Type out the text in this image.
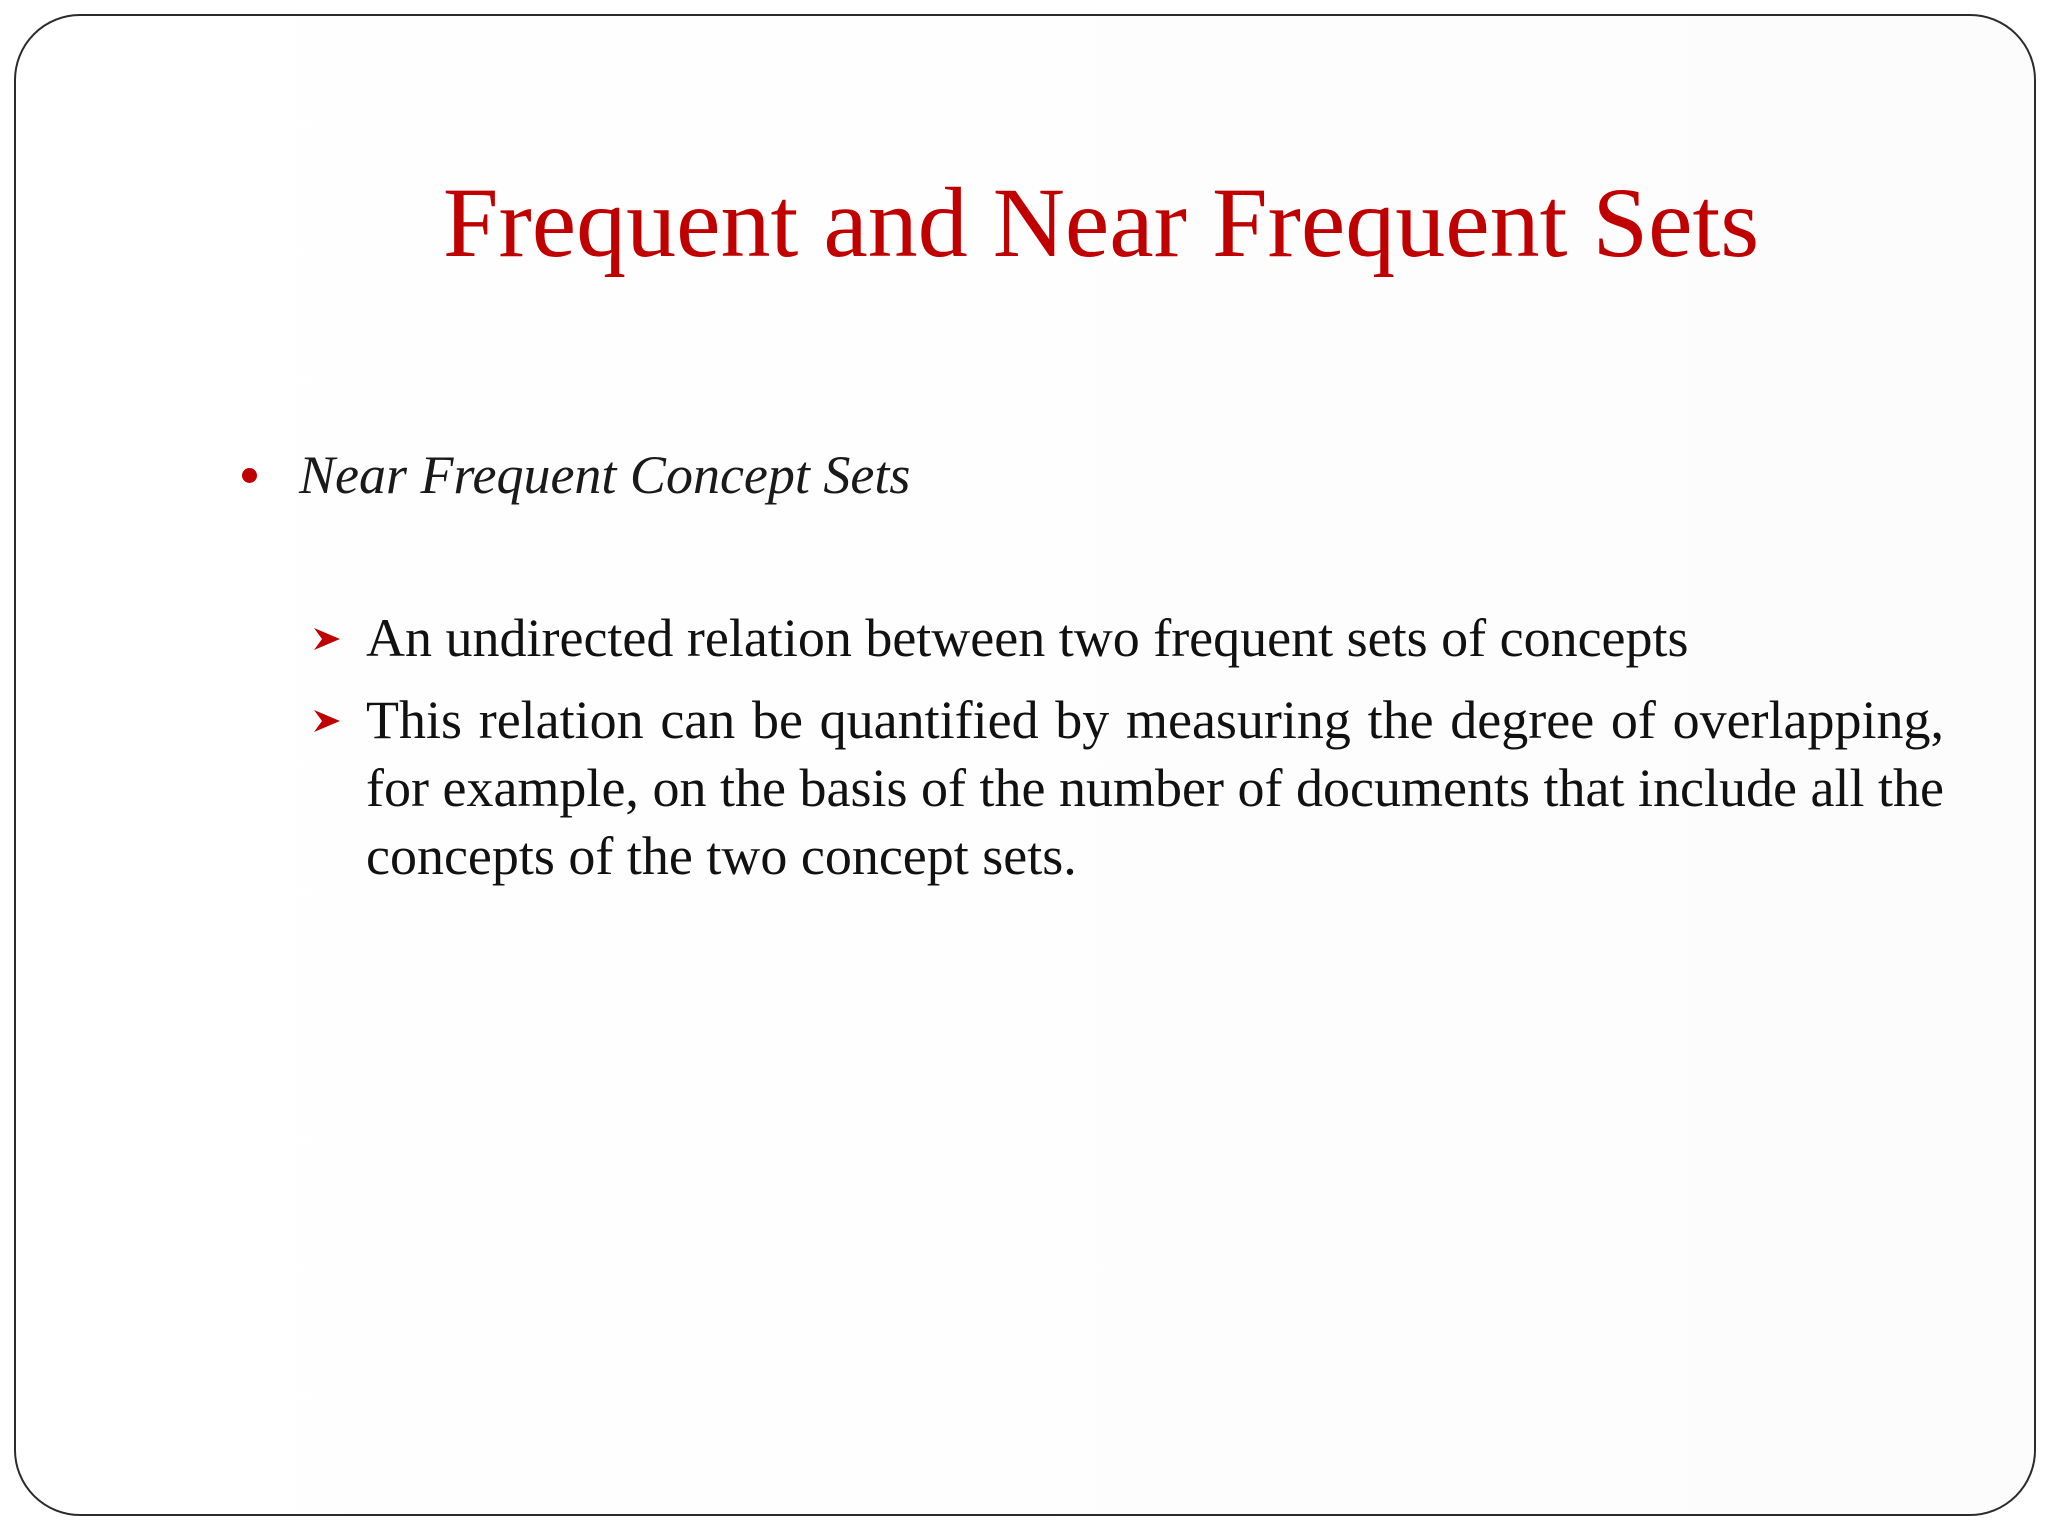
Frequent and Near Frequent Sets
Near Frequent Concept Sets
An undirected relation between two frequent sets of concepts
This relation can be quantified by measuring the degree of overlapping, for example, on the basis of the number of documents that include all the concepts of the two concept sets.
